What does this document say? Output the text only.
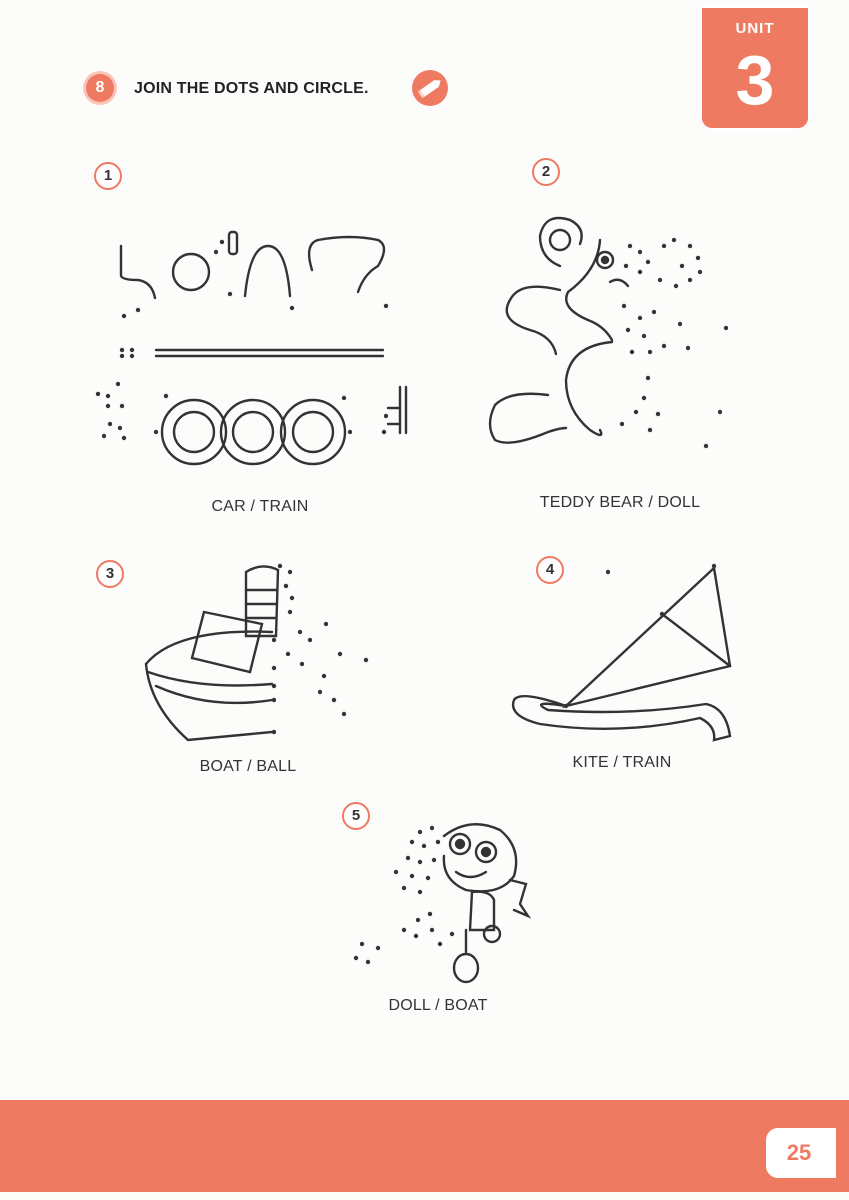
UNIT
3
8	JOIN THE DOTS AND CIRCLE.
1	2
3	4
5
CAR / TRAIN	TEDDY BEAR / DOLL
BOAT / BALL	KITE / TRAIN
DOLL / BOAT
25
